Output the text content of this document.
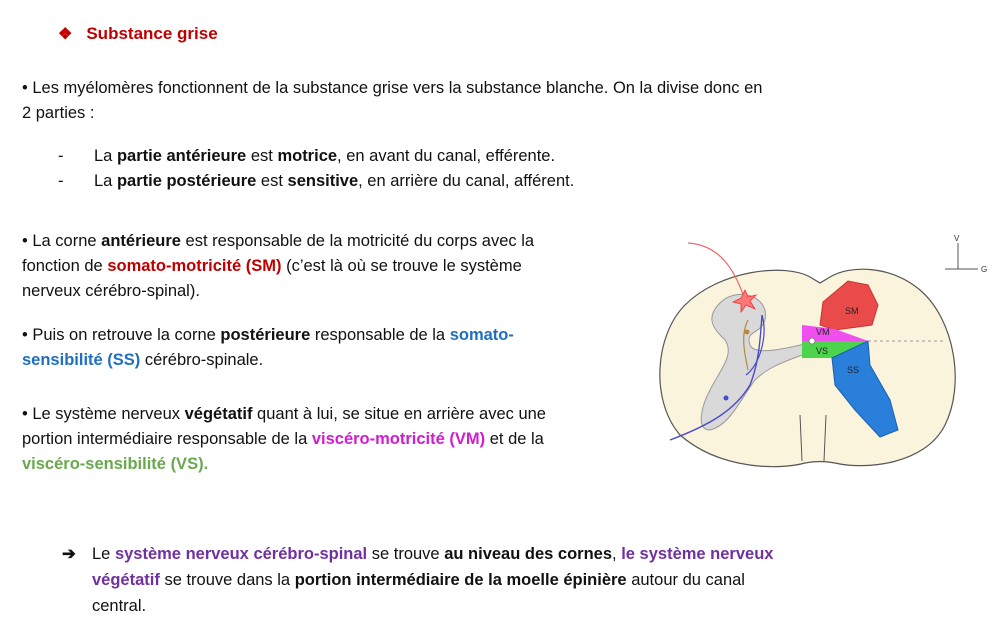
❖ Substance grise
• Les myélomères fonctionnent de la substance grise vers la substance blanche. On la divise donc en
2 parties :
-	La partie antérieure est motrice, en avant du canal, efférente.
-	La partie postérieure est sensitive, en arrière du canal, afférent.
• La corne antérieure est responsable de la motricité du corps avec la
fonction de somato-motricité (SM) (c’est là où se trouve le système
nerveux cérébro-spinal).
• Puis on retrouve la corne postérieure responsable de la somato-
sensibilité (SS) cérébro-spinale.
• Le système nerveux végétatif quant à lui, se situe en arrière avec une
portion intermédiaire responsable de la viscéro-motricité (VM) et de la
viscéro-sensibilité (VS).
SM
VM
VS
SS
V
G
➔ Le système nerveux cérébro-spinal se trouve au niveau des cornes, le système nerveux
végétatif se trouve dans la portion intermédiaire de la moelle épinière autour du canal
central.
